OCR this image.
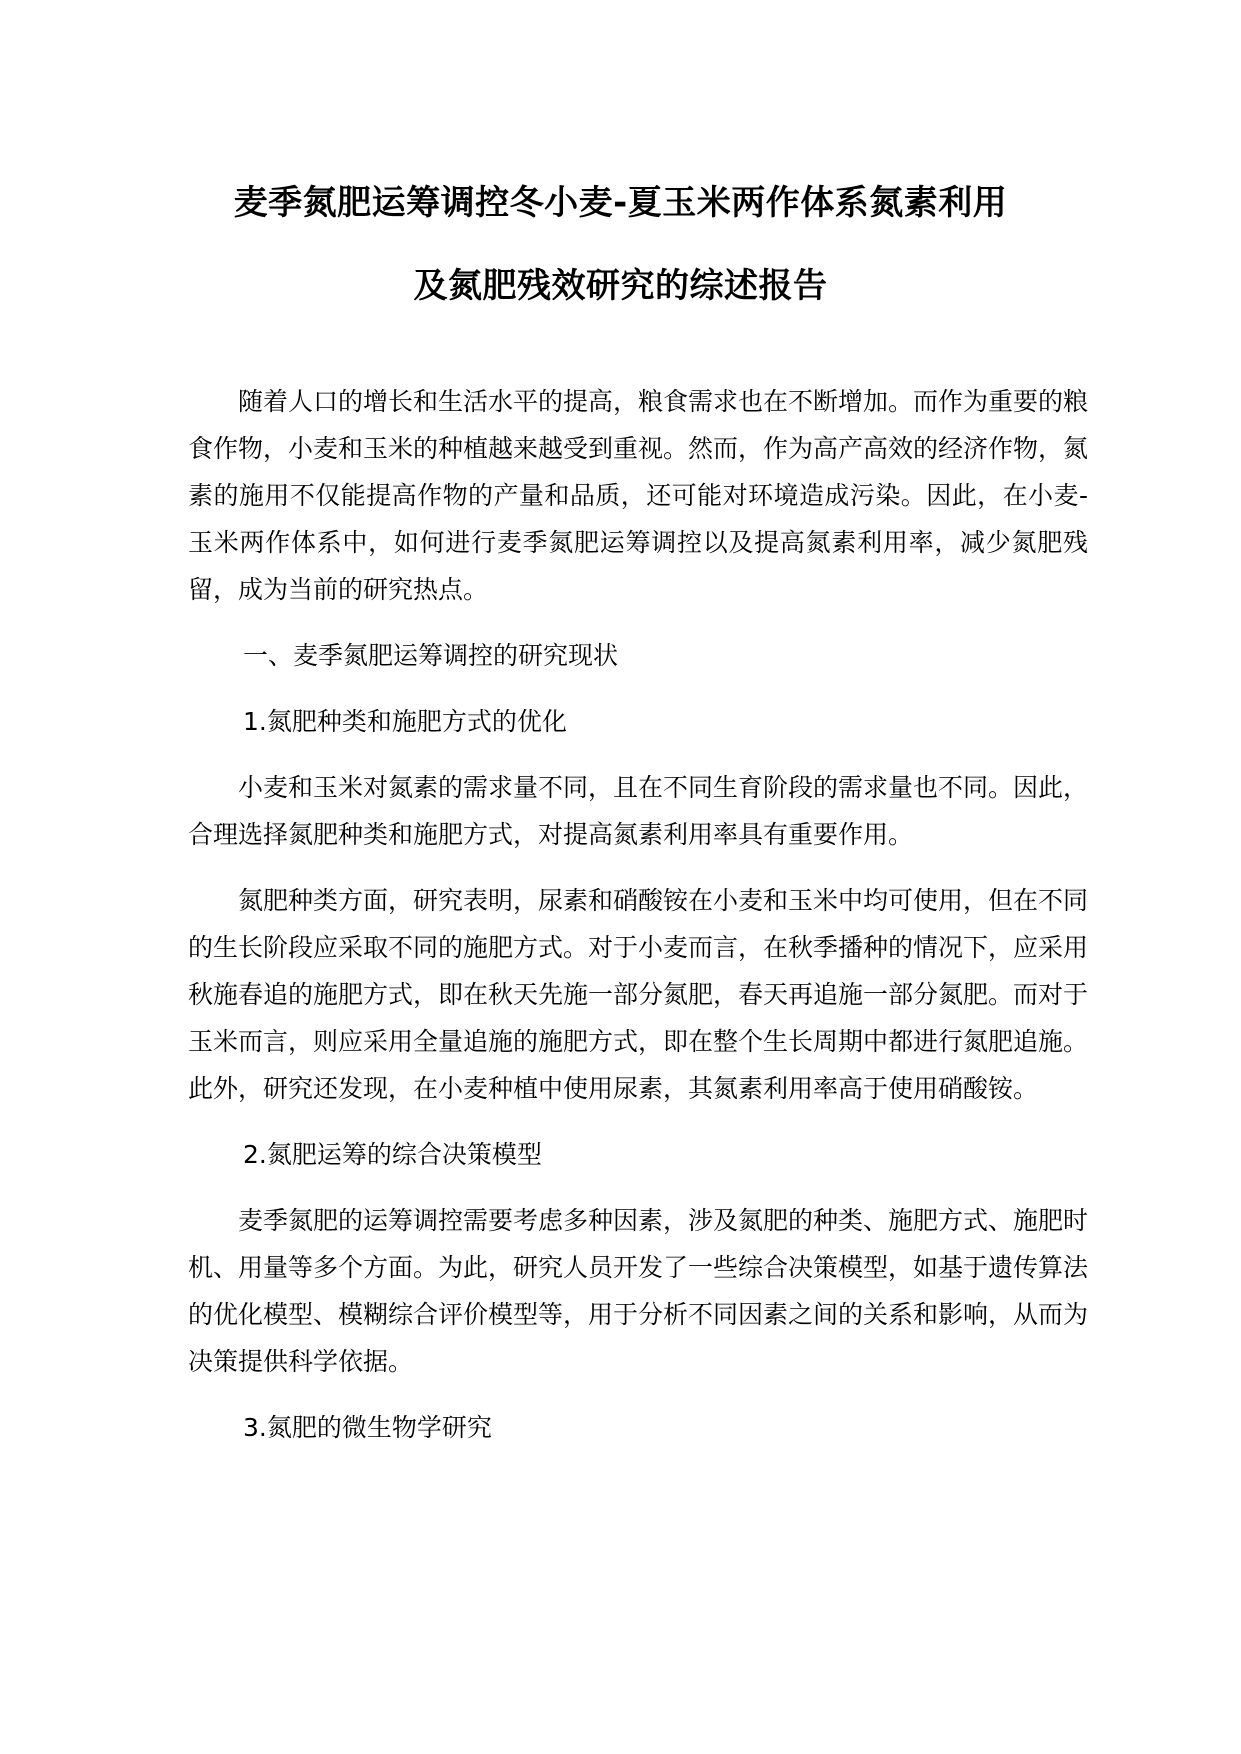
麦季氮肥运筹调控冬小麦-夏玉米两作体系氮素利用
及氮肥残效研究的综述报告

随着人口的增长和生活水平的提高，粮食需求也在不断增加。而作为重要的粮食作物，小麦和玉米的种植越来越受到重视。然而，作为高产高效的经济作物，氮素的施用不仅能提高作物的产量和品质，还可能对环境造成污染。因此，在小麦-玉米两作体系中，如何进行麦季氮肥运筹调控以及提高氮素利用率，减少氮肥残留，成为当前的研究热点。

一、麦季氮肥运筹调控的研究现状

1.氮肥种类和施肥方式的优化

小麦和玉米对氮素的需求量不同，且在不同生育阶段的需求量也不同。因此，合理选择氮肥种类和施肥方式，对提高氮素利用率具有重要作用。

氮肥种类方面，研究表明，尿素和硝酸铵在小麦和玉米中均可使用，但在不同的生长阶段应采取不同的施肥方式。对于小麦而言，在秋季播种的情况下，应采用秋施春追的施肥方式，即在秋天先施一部分氮肥，春天再追施一部分氮肥。而对于玉米而言，则应采用全量追施的施肥方式，即在整个生长周期中都进行氮肥追施。此外，研究还发现，在小麦种植中使用尿素，其氮素利用率高于使用硝酸铵。

2.氮肥运筹的综合决策模型

麦季氮肥的运筹调控需要考虑多种因素，涉及氮肥的种类、施肥方式、施肥时机、用量等多个方面。为此，研究人员开发了一些综合决策模型，如基于遗传算法的优化模型、模糊综合评价模型等，用于分析不同因素之间的关系和影响，从而为决策提供科学依据。

3.氮肥的微生物学研究
